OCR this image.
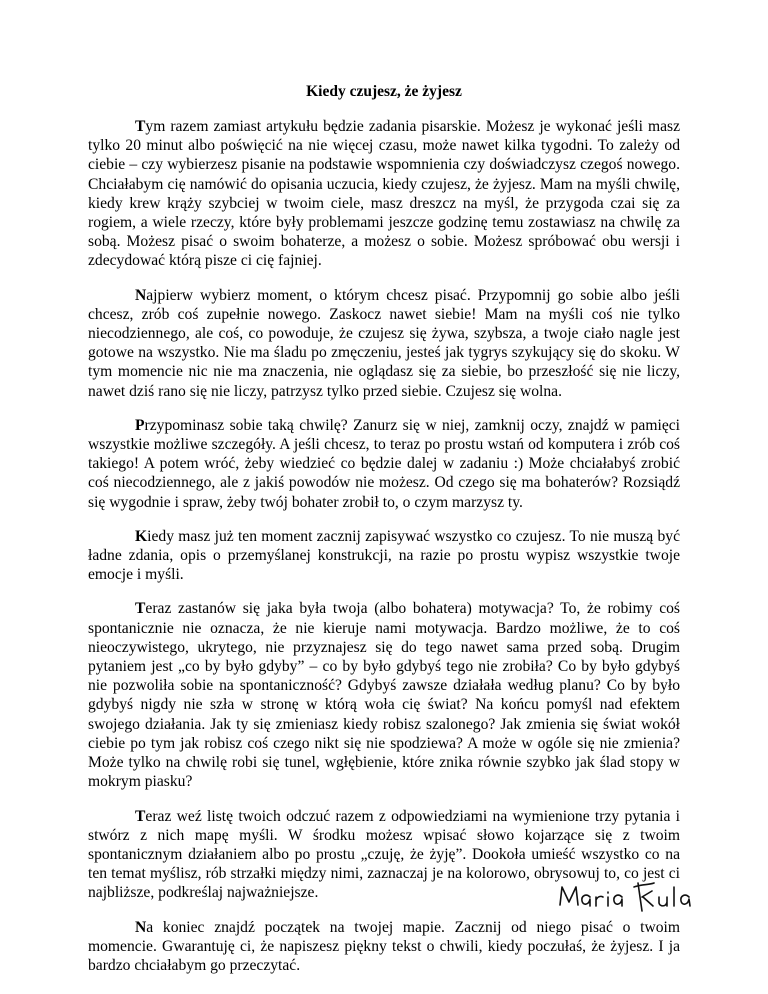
Kiedy czujesz, że żyjesz

Tym razem zamiast artykułu będzie zadania pisarskie. Możesz je wykonać jeśli masz tylko 20 minut albo poświęcić na nie więcej czasu, może nawet kilka tygodni. To zależy od ciebie – czy wybierzesz pisanie na podstawie wspomnienia czy doświadczysz czegoś nowego. Chciałabym cię namówić do opisania uczucia, kiedy czujesz, że żyjesz. Mam na myśli chwilę, kiedy krew krąży szybciej w twoim ciele, masz dreszcz na myśl, że przygoda czai się za rogiem, a wiele rzeczy, które były problemami jeszcze godzinę temu zostawiasz na chwilę za sobą. Możesz pisać o swoim bohaterze, a możesz o sobie. Możesz spróbować obu wersji i zdecydować którą pisze ci cię fajniej.

Najpierw wybierz moment, o którym chcesz pisać. Przypomnij go sobie albo jeśli chcesz, zrób coś zupełnie nowego. Zaskocz nawet siebie! Mam na myśli coś nie tylko niecodziennego, ale coś, co powoduje, że czujesz się żywa, szybsza, a twoje ciało nagle jest gotowe na wszystko. Nie ma śladu po zmęczeniu, jesteś jak tygrys szykujący się do skoku. W tym momencie nic nie ma znaczenia, nie oglądasz się za siebie, bo przeszłość się nie liczy, nawet dziś rano się nie liczy, patrzysz tylko przed siebie. Czujesz się wolna.

Przypominasz sobie taką chwilę? Zanurz się w niej, zamknij oczy, znajdź w pamięci wszystkie możliwe szczegóły. A jeśli chcesz, to teraz po prostu wstań od komputera i zrób coś takiego! A potem wróć, żeby wiedzieć co będzie dalej w zadaniu :) Może chciałabyś zrobić coś niecodziennego, ale z jakiś powodów nie możesz. Od czego się ma bohaterów? Rozsiądź się wygodnie i spraw, żeby twój bohater zrobił to, o czym marzysz ty.

Kiedy masz już ten moment zacznij zapisywać wszystko co czujesz. To nie muszą być ładne zdania, opis o przemyślanej konstrukcji, na razie po prostu wypisz wszystkie twoje emocje i myśli.

Teraz zastanów się jaka była twoja (albo bohatera) motywacja? To, że robimy coś spontanicznie nie oznacza, że nie kieruje nami motywacja. Bardzo możliwe, że to coś nieoczywistego, ukrytego, nie przyznajesz się do tego nawet sama przed sobą. Drugim pytaniem jest „co by było gdyby” – co by było gdybyś tego nie zrobiła? Co by było gdybyś nie pozwoliła sobie na spontaniczność? Gdybyś zawsze działała według planu? Co by było gdybyś nigdy nie szła w stronę w którą woła cię świat? Na końcu pomyśl nad efektem swojego działania. Jak ty się zmieniasz kiedy robisz szalonego? Jak zmienia się świat wokół ciebie po tym jak robisz coś czego nikt się nie spodziewa? A może w ogóle się nie zmienia? Może tylko na chwilę robi się tunel, wgłębienie, które znika równie szybko jak ślad stopy w mokrym piasku?

Teraz weź listę twoich odczuć razem z odpowiedziami na wymienione trzy pytania i stwórz z nich mapę myśli. W środku możesz wpisać słowo kojarzące się z twoim spontanicznym działaniem albo po prostu „czuję, że żyję”. Dookoła umieść wszystko co na ten temat myślisz, rób strzałki między nimi, zaznaczaj je na kolorowo, obrysowuj to, co jest ci najbliższe, podkreślaj najważniejsze.

Na koniec znajdź początek na twojej mapie. Zacznij od niego pisać o twoim momencie. Gwarantuję ci, że napiszesz piękny tekst o chwili, kiedy poczułaś, że żyjesz. I ja bardzo chciałabym go przeczytać.
